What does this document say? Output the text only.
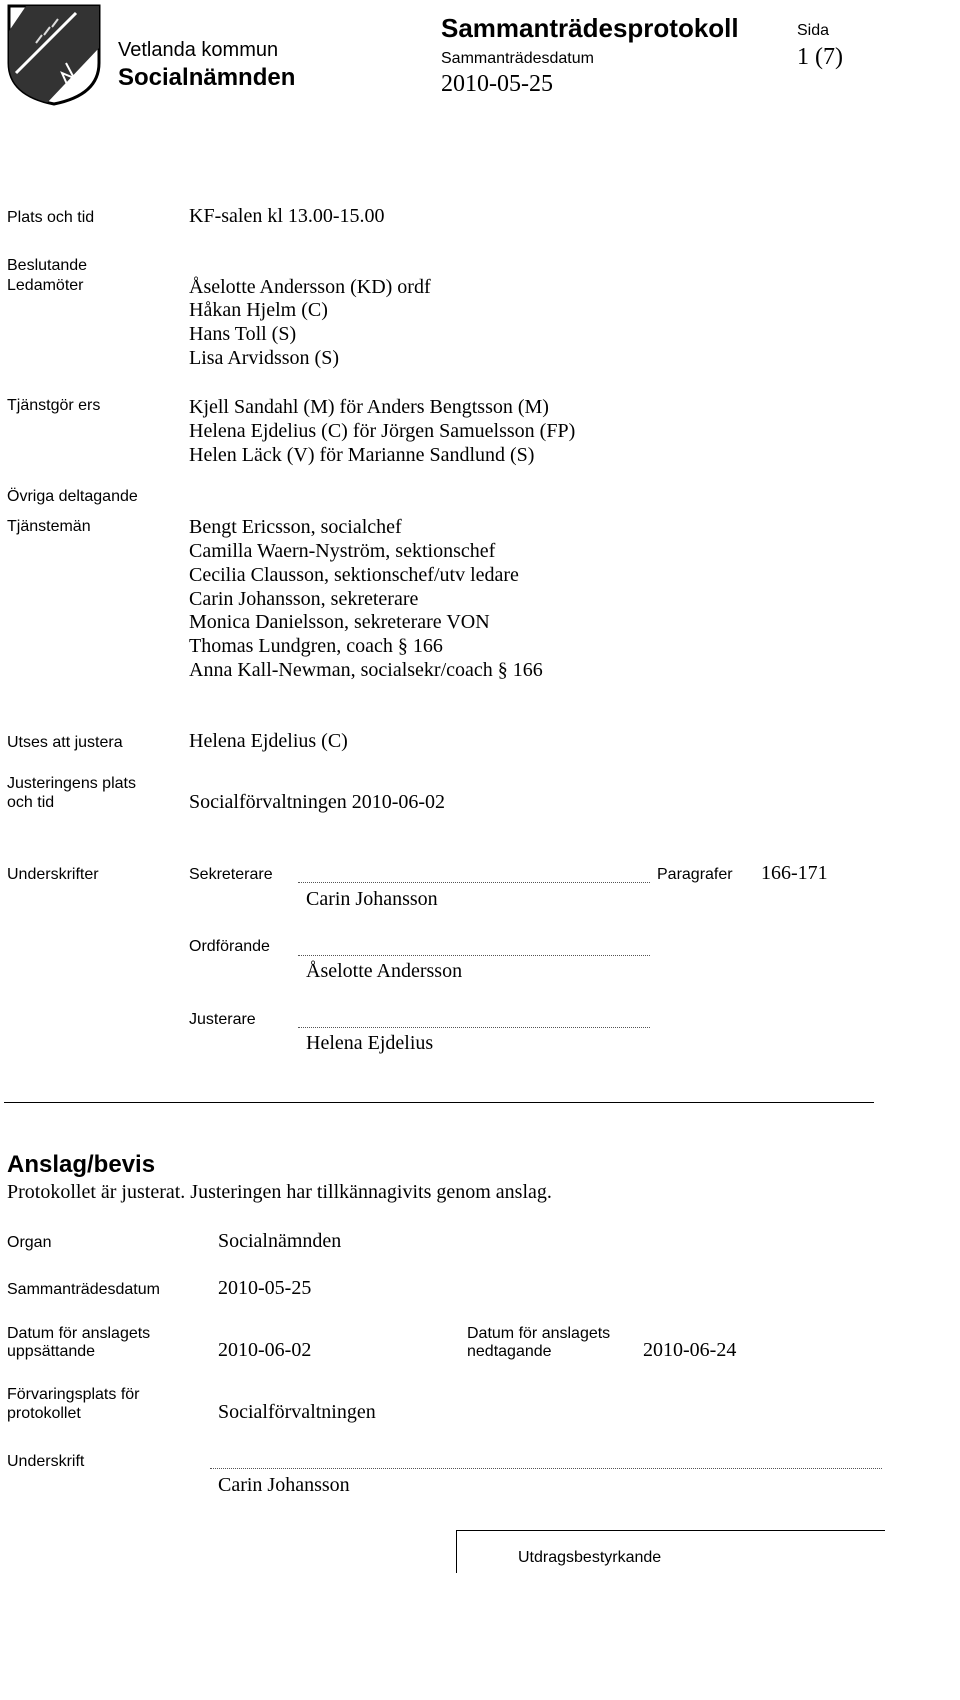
Vetlanda kommun
Socialnämnden
Sammanträdesprotokoll
Sammanträdesdatum
2010-05-25
Sida
1 (7)
Plats och tid	KF-salen kl 13.00-15.00
Beslutande
Ledamöter	Åselotte Andersson (KD) ordf
Håkan Hjelm (C)
Hans Toll (S)
Lisa Arvidsson (S)
Tjänstgör ers	Kjell Sandahl (M) för Anders Bengtsson (M)
Helena Ejdelius (C) för Jörgen Samuelsson (FP)
Helen Läck (V) för Marianne Sandlund (S)
Övriga deltagande
Tjänstemän	Bengt Ericsson, socialchef
Camilla Waern-Nyström, sektionschef
Cecilia Clausson, sektionschef/utv ledare
Carin Johansson, sekreterare
Monica Danielsson, sekreterare VON
Thomas Lundgren, coach § 166
Anna Kall-Newman, socialsekr/coach § 166
Utses att justera	Helena Ejdelius (C)
Justeringens plats
och tid	Socialförvaltningen 2010-06-02
Underskrifter	Sekreterare
Carin Johansson
Paragrafer 166-171
Ordförande
Åselotte Andersson
Justerare
Helena Ejdelius
Anslag/bevis
Protokollet är justerat. Justeringen har tillkännagivits genom anslag.
Organ	Socialnämnden
Sammanträdesdatum	2010-05-25
Datum för anslagets
uppsättande	2010-06-02
Datum för anslagets
nedtagande	2010-06-24
Förvaringsplats för
protokollet	Socialförvaltningen
Underskrift
Carin Johansson
Utdragsbestyrkande
